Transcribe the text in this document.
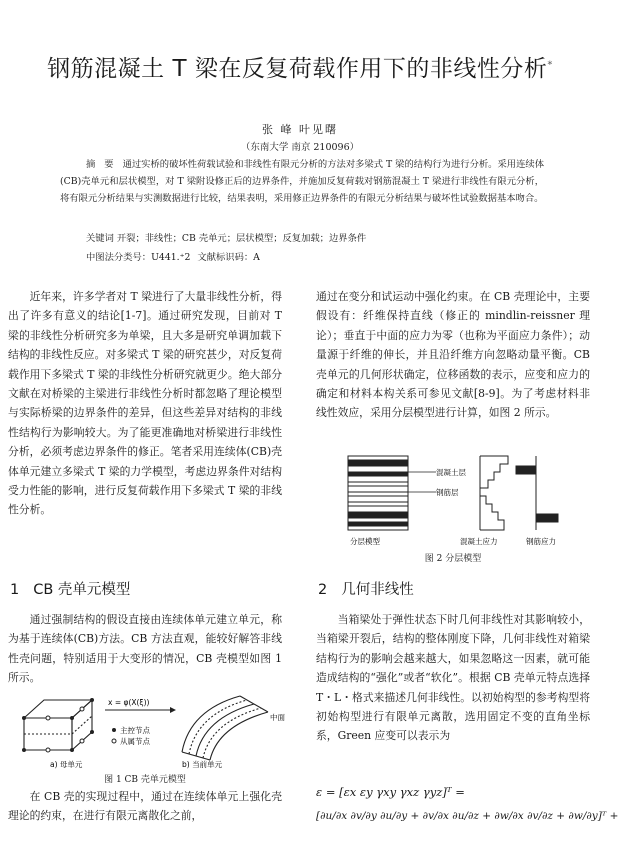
钢筋混凝土 T 梁在反复荷载作用下的非线性分析*
张 峰 叶见曙
（东南大学 南京 210096）
摘 要 通过实桥的破坏性荷载试验和非线性有限元分析的方法对多梁式 T 梁的结构行为进行分析。采用连续体(CB)壳单元和层状模型，对 T 梁附设修正后的边界条件，并施加反复荷载对钢筋混凝土 T 梁进行非线性有限元分析，将有限元分析结果与实测数据进行比较，结果表明，采用修正边界条件的有限元分析结果与破坏性试验数据基本吻合。
关键词 开裂；非线性；CB 壳单元；层状模型；反复加载；边界条件
中图法分类号：U441.⁺2 文献标识码：A

近年来，许多学者对 T 梁进行了大量非线性分析，得出了许多有意义的结论[1-7]。通过研究发现，目前对 T 梁的非线性分析研究多为单梁，且大多是研究单调加载下结构的非线性反应。对多梁式 T 梁的研究甚少，对反复荷载作用下多梁式 T 梁的非线性分析研究就更少。绝大部分文献在对桥梁的主梁进行非线性分析时都忽略了理论模型与实际桥梁的边界条件的差异，但这些差异对结构的非线性结构行为影响较大。为了能更准确地对桥梁进行非线性分析，必须考虑边界条件的修正。笔者采用连续体(CB)壳体单元建立多梁式 T 梁的力学模型，考虑边界条件对结构受力性能的影响，进行反复荷载作用下多梁式 T 梁的非线性分析。

1 CB 壳单元模型

通过强制结构的假设直接由连续体单元建立单元，称为基于连续体(CB)方法。CB 方法直观，能较好解答非线性壳问题，特别适用于大变形的情况，CB 壳模型如图 1 所示。

x = φ(X(ξ))
主控节点
从属节点
中面
a) 母单元	b) 当前单元
图 1 CB 壳单元模型

在 CB 壳的实现过程中，通过在连续体单元上强化壳理论的约束，在进行有限元离散化之前，

通过在变分和试运动中强化约束。在 CB 壳理论中，主要假设有：纤维保持直线（修正的 mindlin-reissner 理论）；垂直于中面的应力为零（也称为平面应力条件）；动量源于纤维的伸长，并且沿纤维方向忽略动量平衡。CB 壳单元的几何形状确定，位移函数的表示，应变和应力的确定和材料本构关系可参见文献[8-9]。为了考虑材料非线性效应，采用分层模型进行计算，如图 2 所示。

混凝土层
钢筋层
分层模型	混凝土应力	钢筋应力
图 2 分层模型
2 几何非线性

当箱梁处于弹性状态下时几何非线性对其影响较小，当箱梁开裂后，结构的整体刚度下降，几何非线性对箱梁结构行为的影响会越来越大，如果忽略这一因素，就可能造成结构的“强化”或者“软化”。根据 CB 壳单元特点选择 T・L・格式来描述几何非线性。以初始构型的参考构型将初始构型进行有限单元离散，选用固定不变的直角坐标系，Green 应变可以表示为

ε = [εx εy γxy γxz γyz]ᵀ =
[∂u/∂x ∂v/∂y ∂u/∂y + ∂v/∂x ∂u/∂z + ∂w/∂x ∂v/∂z + ∂w/∂y]ᵀ +
